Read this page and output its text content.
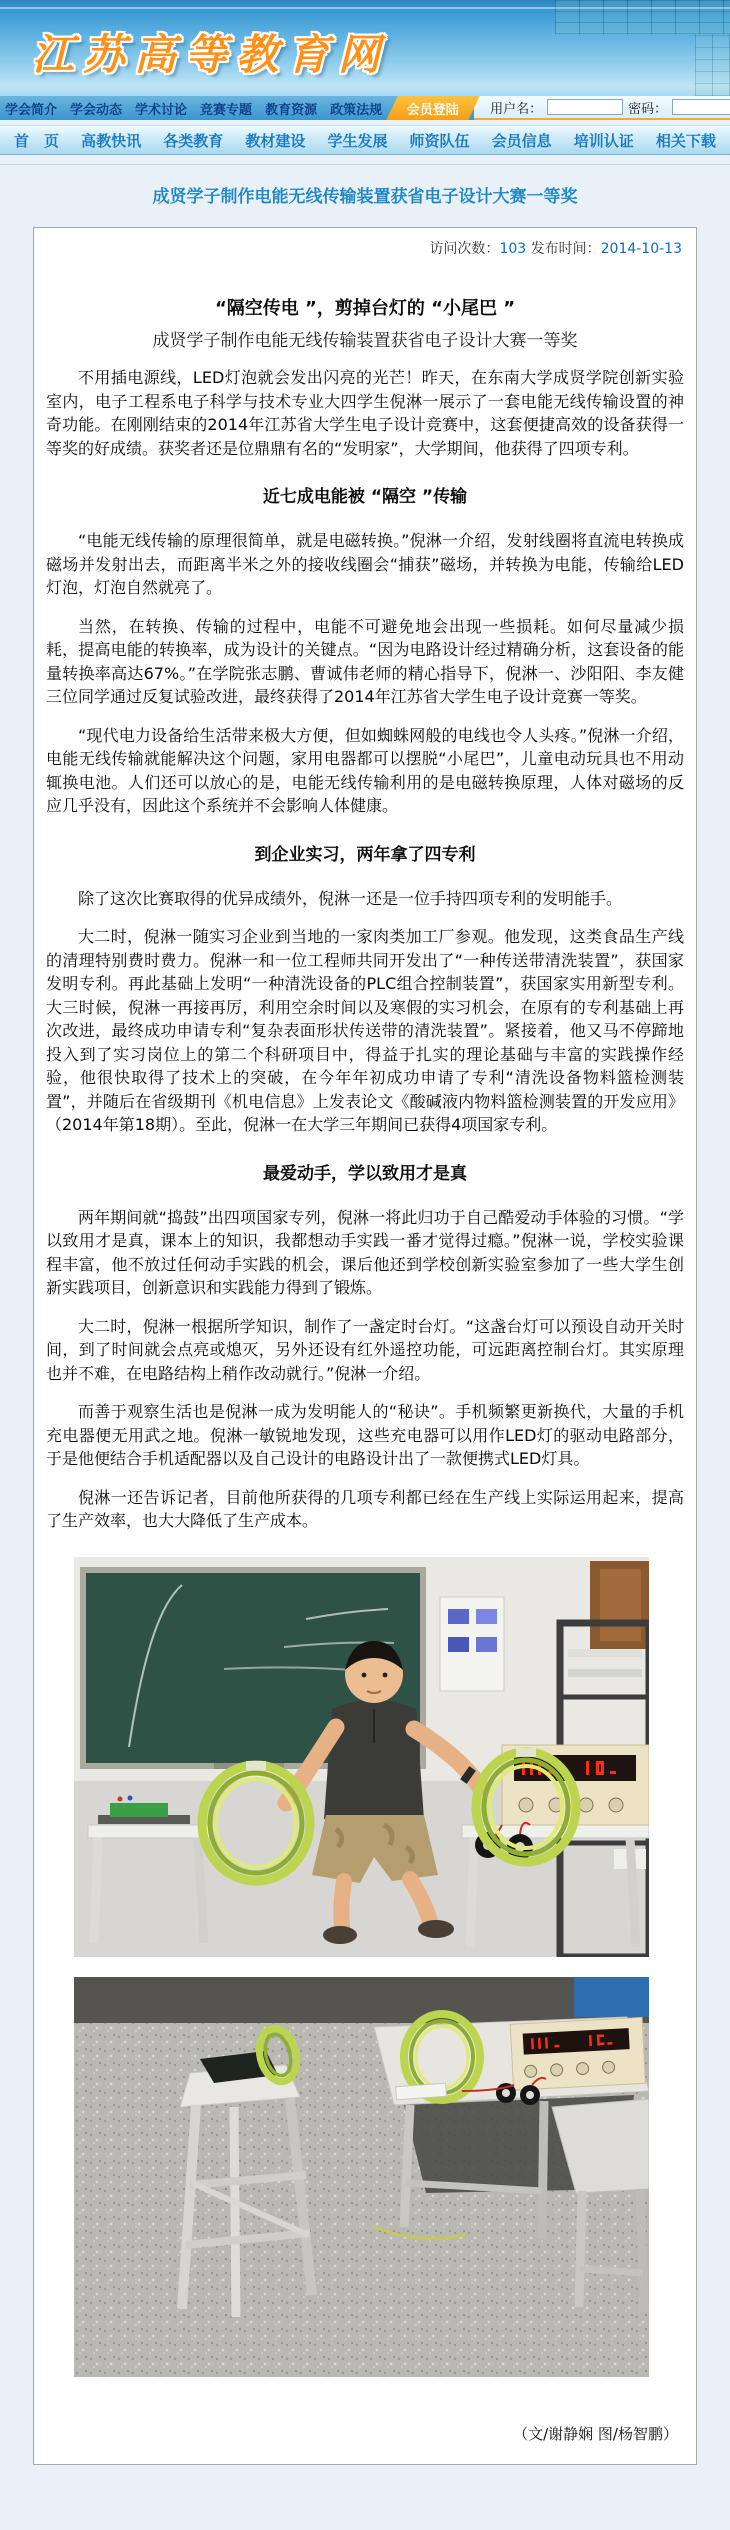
江苏高等教育网
学会简介 学会动态 学术讨论 竞赛专题 教育资源 政策法规 会员登陆 用户名：	密码：
首　页 高教快讯 各类教育 教材建设 学生发展 师资队伍 会员信息 培训认证 相关下载
成贤学子制作电能无线传输装置获省电子设计大赛一等奖
访问次数：103 发布时间：2014-10-13
“隔空传电 ”，剪掉台灯的 “小尾巴 ”
成贤学子制作电能无线传输装置获省电子设计大赛一等奖

不用插电源线，LED灯泡就会发出闪亮的光芒！昨天，在东南大学成贤学院创新实验室内，电子工程系电子科学与技术专业大四学生倪淋一展示了一套电能无线传输设置的神奇功能。在刚刚结束的2014年江苏省大学生电子设计竞赛中，这套便捷高效的设备获得一等奖的好成绩。获奖者还是位鼎鼎有名的“发明家”，大学期间，他获得了四项专利。

近七成电能被 “隔空 ”传输

“电能无线传输的原理很简单，就是电磁转换。”倪淋一介绍，发射线圈将直流电转换成磁场并发射出去，而距离半米之外的接收线圈会“捕获”磁场，并转换为电能，传输给LED灯泡，灯泡自然就亮了。

当然，在转换、传输的过程中，电能不可避免地会出现一些损耗。如何尽量减少损耗，提高电能的转换率，成为设计的关键点。“因为电路设计经过精确分析，这套设备的能量转换率高达67%。”在学院张志鹏、曹诚伟老师的精心指导下，倪淋一、沙阳阳、李友健三位同学通过反复试验改进，最终获得了2014年江苏省大学生电子设计竞赛一等奖。

“现代电力设备给生活带来极大方便，但如蜘蛛网般的电线也令人头疼。”倪淋一介绍，电能无线传输就能解决这个问题，家用电器都可以摆脱“小尾巴”，儿童电动玩具也不用动辄换电池。人们还可以放心的是，电能无线传输利用的是电磁转换原理，人体对磁场的反应几乎没有，因此这个系统并不会影响人体健康。

到企业实习，两年拿了四专利

除了这次比赛取得的优异成绩外，倪淋一还是一位手持四项专利的发明能手。

大二时，倪淋一随实习企业到当地的一家肉类加工厂参观。他发现，这类食品生产线的清理特别费时费力。倪淋一和一位工程师共同开发出了“一种传送带清洗装置”，获国家发明专利。再此基础上发明“一种清洗设备的PLC组合控制装置”，获国家实用新型专利。大三时候，倪淋一再接再厉，利用空余时间以及寒假的实习机会，在原有的专利基础上再次改进，最终成功申请专利“复杂表面形状传送带的清洗装置”。紧接着，他又马不停蹄地投入到了实习岗位上的第二个科研项目中，得益于扎实的理论基础与丰富的实践操作经验，他很快取得了技术上的突破，在今年年初成功申请了专利“清洗设备物料篮检测装置”，并随后在省级期刊《机电信息》上发表论文《酸碱液内物料篮检测装置的开发应用》（2014年第18期）。至此，倪淋一在大学三年期间已获得4项国家专利。

最爱动手，学以致用才是真

两年期间就“捣鼓”出四项国家专列，倪淋一将此归功于自己酷爱动手体验的习惯。“学以致用才是真，课本上的知识，我都想动手实践一番才觉得过瘾。”倪淋一说，学校实验课程丰富，他不放过任何动手实践的机会，课后他还到学校创新实验室参加了一些大学生创新实践项目，创新意识和实践能力得到了锻炼。

大二时，倪淋一根据所学知识，制作了一盏定时台灯。“这盏台灯可以预设自动开关时间，到了时间就会点亮或熄灭，另外还设有红外遥控功能，可远距离控制台灯。其实原理也并不难，在电路结构上稍作改动就行。”倪淋一介绍。

而善于观察生活也是倪淋一成为发明能人的“秘诀”。手机频繁更新换代，大量的手机充电器便无用武之地。倪淋一敏锐地发现，这些充电器可以用作LED灯的驱动电路部分，于是他便结合手机适配器以及自己设计的电路设计出了一款便携式LED灯具。

倪淋一还告诉记者，目前他所获得的几项专利都已经在生产线上实际运用起来，提高了生产效率，也大大降低了生产成本。

（文/谢静娴 图/杨智鹏）
